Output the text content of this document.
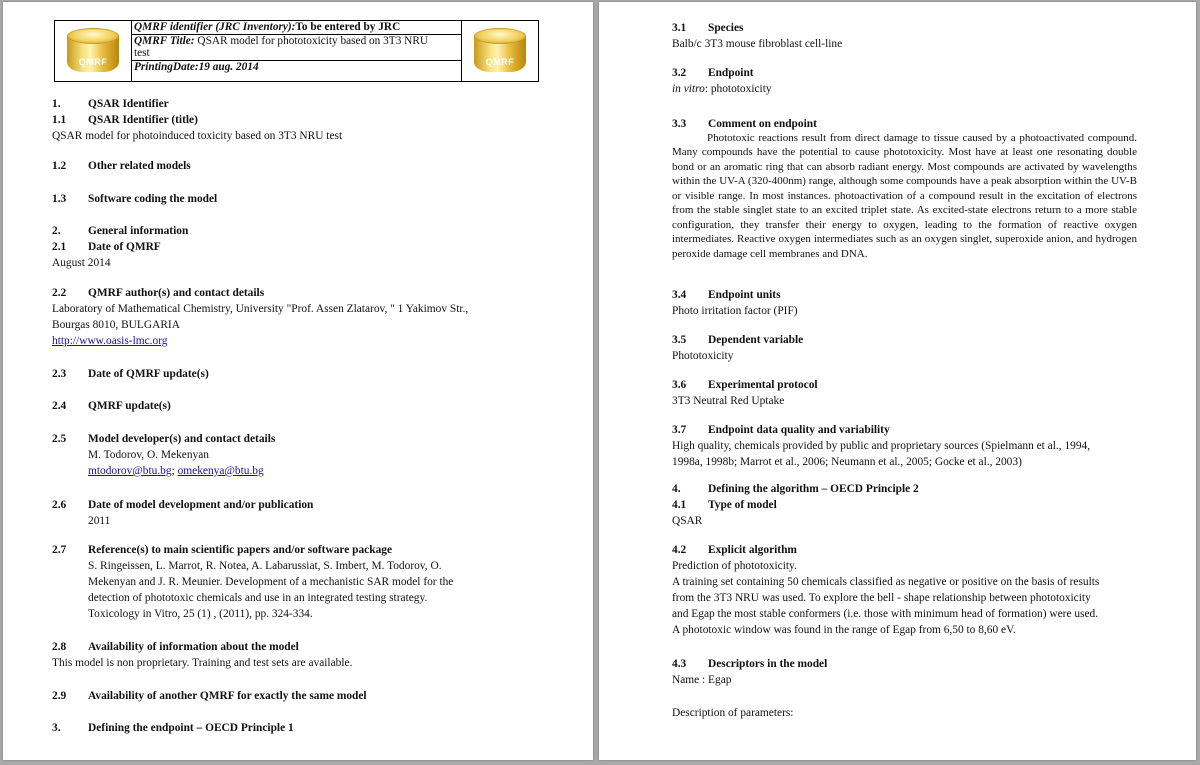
QMRF
QMRF identifier (JRC Inventory):To be entered by JRC
QMRF Title: QSAR model for phototoxicity based on 3T3 NRU
test
PrintingDate:19 aug. 2014	QMRF
1. QSAR Identifier
1.1 QSAR Identifier (title)
QSAR model for photoinduced toxicity based on 3T3 NRU test
1.2 Other related models
1.3 Software coding the model
2. General information
2.1 Date of QMRF
August 2014
2.2 QMRF author(s) and contact details
Laboratory of Mathematical Chemistry, University "Prof. Assen Zlatarov, " 1 Yakimov Str.,
Bourgas 8010, BULGARIA
http://www.oasis-lmc.org
2.3 Date of QMRF update(s)
2.4 QMRF update(s)
2.5 Model developer(s) and contact details
M. Todorov, O. Mekenyan
mtodorov@btu.bg; omekenya@btu.bg
2.6 Date of model development and/or publication
2011
2.7 Reference(s) to main scientific papers and/or software package
S. Ringeissen, L. Marrot, R. Notea, A. Labarussiat, S. Imbert, M. Todorov, O.
Mekenyan and J. R. Meunier. Development of a mechanistic SAR model for the
detection of phototoxic chemicals and use in an integrated testing strategy.
Toxicology in Vitro, 25 (1) , (2011), pp. 324-334.
2.8 Availability of information about the model
This model is non proprietary. Training and test sets are available.
2.9 Availability of another QMRF for exactly the same model
3. Defining the endpoint – OECD Principle 1
3.1 Species
Balb/c 3T3 mouse fibroblast cell-line
3.2 Endpoint
in vitro: phototoxicity
3.3 Comment on endpoint
Phototoxic reactions result from direct damage to tissue caused by a photoactivated compound. Many compounds have the potential to cause phototoxicity. Most have at least one resonating double bond or an aromatic ring that can absorb radiant energy. Most compounds are activated by wavelengths within the UV-A (320-400nm) range, although some compounds have a peak absorption within the UV-B or visible range. In most instances. photoactivation of a compound result in the excitation of electrons from the stable singlet state to an excited triplet state. As excited-state electrons return to a more stable configuration, they transfer their energy to oxygen, leading to the formation of reactive oxygen intermediates. Reactive oxygen intermediates such as an oxygen singlet, superoxide anion, and hydrogen peroxide damage cell membranes and DNA.
3.4 Endpoint units
Photo irritation factor (PIF)
3.5 Dependent variable
Phototoxicity
3.6 Experimental protocol
3T3 Neutral Red Uptake
3.7 Endpoint data quality and variability
High quality, chemicals provided by public and proprietary sources (Spielmann et al., 1994,
1998a, 1998b; Marrot et al., 2006; Neumann et al., 2005; Gocke et al., 2003)
4. Defining the algorithm – OECD Principle 2
4.1 Type of model
QSAR
4.2 Explicit algorithm
Prediction of phototoxicity.
A training set containing 50 chemicals classified as negative or positive on the basis of results
from the 3T3 NRU was used. To explore the bell - shape relationship between phototoxicity
and Egap the most stable conformers (i.e. those with minimum head of formation) were used.
A phototoxic window was found in the range of Egap from 6,50 to 8,60 eV.
4.3 Descriptors in the model
Name : Egap
Description of parameters:
